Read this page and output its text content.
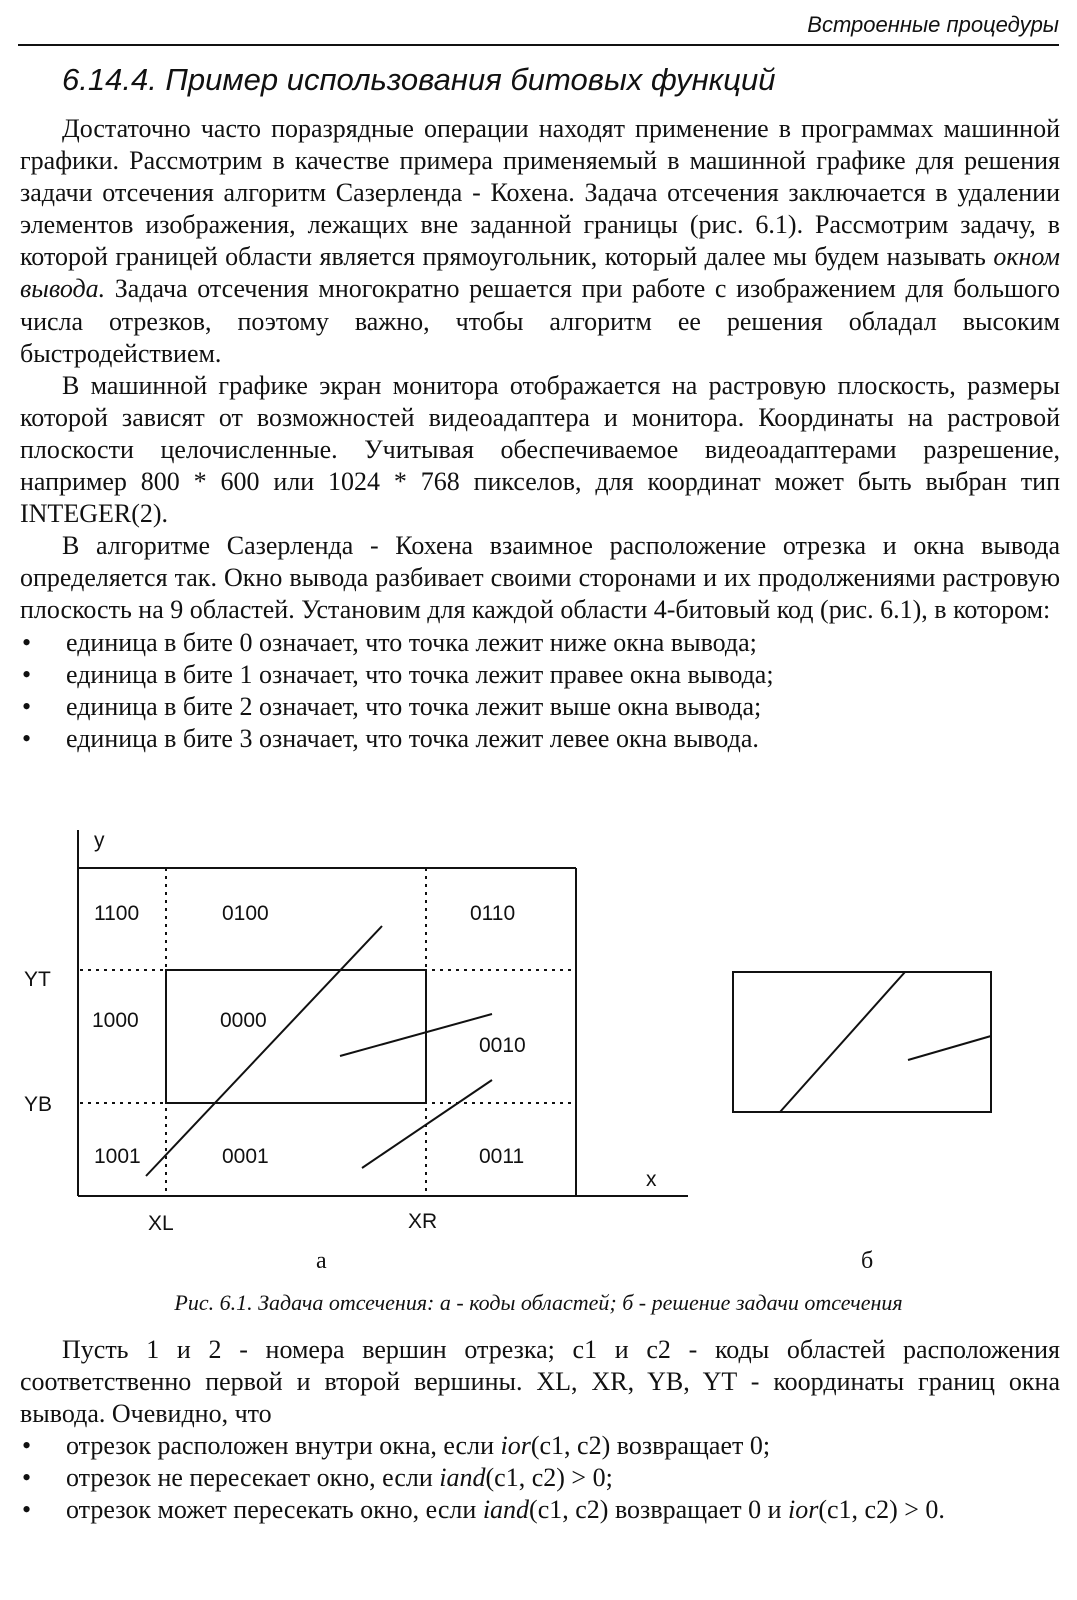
Встроенные процедуры
6.14.4. Пример использования битовых функций

Достаточно часто поразрядные операции находят применение в программах машинной графики. Рассмотрим в качестве примера применяемый в машинной графике для решения задачи отсечения алгоритм Сазерленда - Кохена. Задача отсечения заключается в удалении элементов изображения, лежащих вне заданной границы (рис. 6.1). Рассмотрим задачу, в которой границей области является прямоугольник, который далее мы будем называть окном вывода. Задача отсечения многократно решается при работе с изображением для большого числа отрезков, поэтому важно, чтобы алгоритм ее решения обладал высоким быстродействием.

В машинной графике экран монитора отображается на растровую плоскость, размеры которой зависят от возможностей видеоадаптера и монитора. Координаты на растровой плоскости целочисленные. Учитывая обеспечиваемое видеоадаптерами разрешение, например 800 * 600 или 1024 * 768 пикселов, для координат может быть выбран тип INTEGER(2).

В алгоритме Сазерленда - Кохена взаимное расположение отрезка и окна вывода определяется так. Окно вывода разбивает своими сторонами и их продолжениями растровую плоскость на 9 областей. Установим для каждой области 4-битовый код (рис. 6.1), в котором:

• единица в бите 0 означает, что точка лежит ниже окна вывода;
• единица в бите 1 означает, что точка лежит правее окна вывода;
• единица в бите 2 означает, что точка лежит выше окна вывода;
• единица в бите 3 означает, что точка лежит левее окна вывода.
y
x
YT
YB
XL	XR
1100	0100	0110
1000	0000
0010
1001	0001	0011
а	б
Рис. 6.1. Задача отсечения: а - коды областей; б - решение задачи отсечения

Пусть 1 и 2 - номера вершин отрезка; c1 и c2 - коды областей расположения соответственно первой и второй вершины. XL, XR, YB, YT - координаты границ окна вывода. Очевидно, что

• отрезок расположен внутри окна, если ior(c1, c2) возвращает 0;
• отрезок не пересекает окно, если iand(c1, c2) > 0;
• отрезок может пересекать окно, если iand(c1, c2) возвращает 0 и ior(c1, c2) > 0.
